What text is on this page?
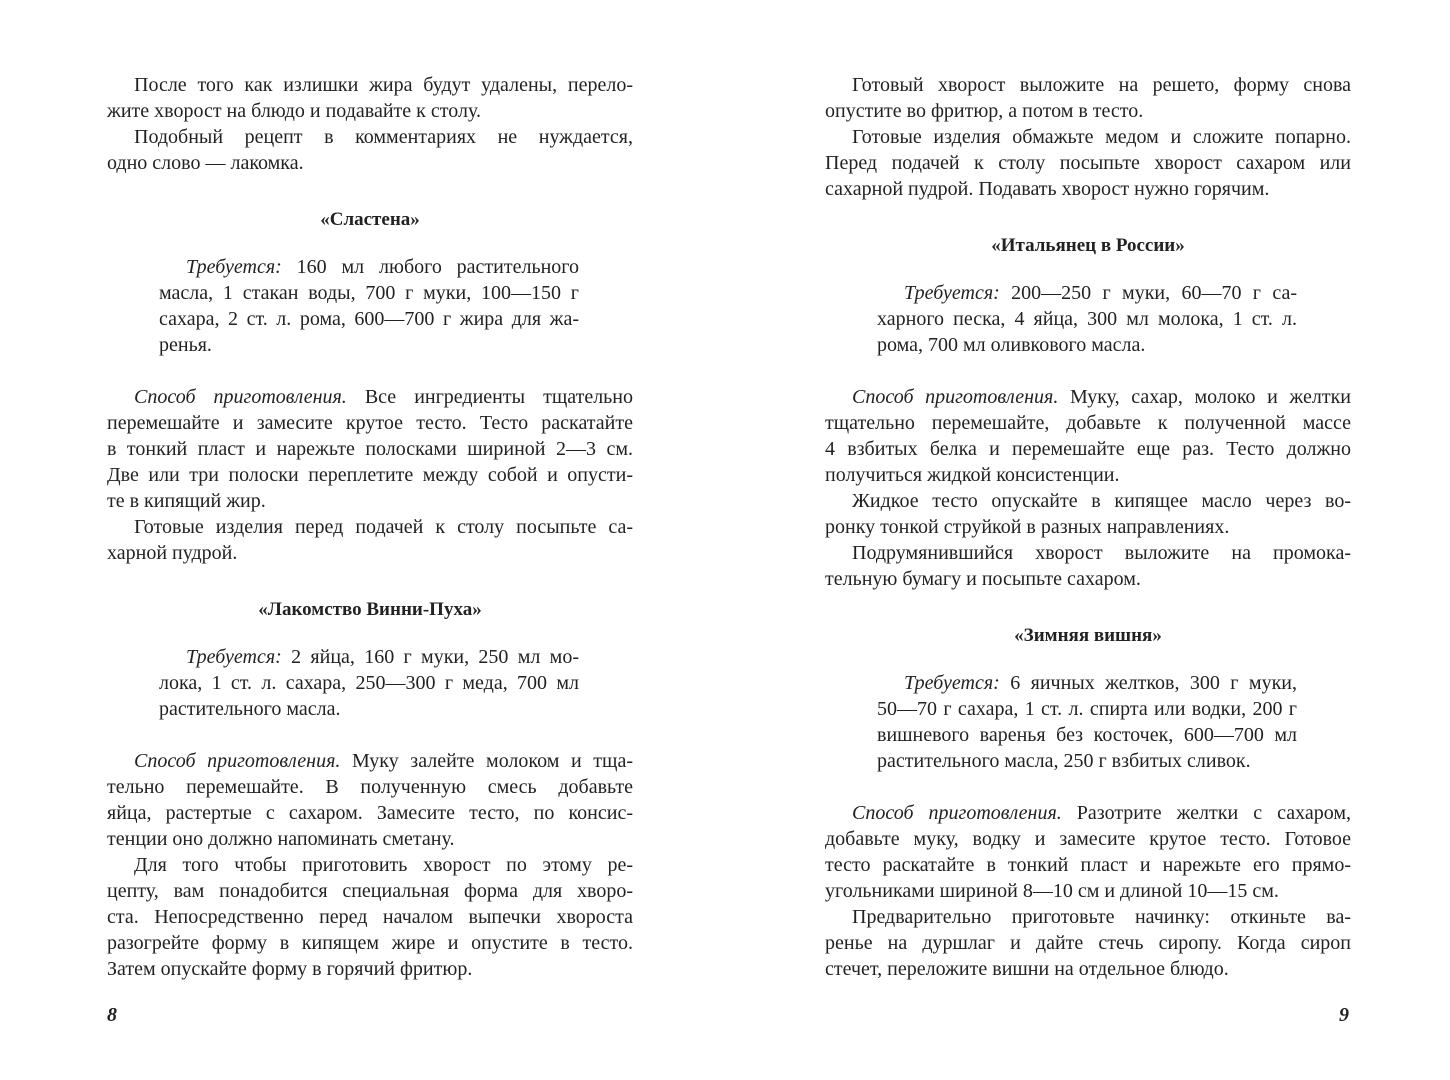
После того как излишки жира будут удалены, перело-

жите хворост на блюдо и подавайте к столу.

Подобный рецепт в комментариях не нуждается,

одно слово — лакомка.

«Сластена»

Требуется: 160 мл любого растительного

масла, 1 стакан воды, 700 г муки, 100—150 г

сахара, 2 ст. л. рома, 600—700 г жира для жа-

ренья.

Способ приготовления. Все ингредиенты тщательно

перемешайте и замесите крутое тесто. Тесто раскатайте

в тонкий пласт и нарежьте полосками шириной 2—3 см.

Две или три полоски переплетите между собой и опусти-

те в кипящий жир.

Готовые изделия перед подачей к столу посыпьте са-

харной пудрой.

«Лакомство Винни-Пуха»

Требуется: 2 яйца, 160 г муки, 250 мл мо-

лока, 1 ст. л. сахара, 250—300 г меда, 700 мл

растительного масла.

Способ приготовления. Муку залейте молоком и тща-

тельно перемешайте. В полученную смесь добавьте

яйца, растертые с сахаром. Замесите тесто, по консис-

тенции оно должно напоминать сметану.

Для того чтобы приготовить хворост по этому ре-

цепту, вам понадобится специальная форма для хворо-

ста. Непосредственно перед началом выпечки хвороста

разогрейте форму в кипящем жире и опустите в тесто.

Затем опускайте форму в горячий фритюр.

8

Готовый хворост выложите на решето, форму снова

опустите во фритюр, а потом в тесто.

Готовые изделия обмажьте медом и сложите попарно.

Перед подачей к столу посыпьте хворост сахаром или

сахарной пудрой. Подавать хворост нужно горячим.

«Итальянец в России»

Требуется: 200—250 г муки, 60—70 г са-

харного песка, 4 яйца, 300 мл молока, 1 ст. л.

рома, 700 мл оливкового масла.

Способ приготовления. Муку, сахар, молоко и желтки

тщательно перемешайте, добавьте к полученной массе

4 взбитых белка и перемешайте еще раз. Тесто должно

получиться жидкой консистенции.

Жидкое тесто опускайте в кипящее масло через во-

ронку тонкой струйкой в разных направлениях.

Подрумянившийся хворост выложите на промока-

тельную бумагу и посыпьте сахаром.

«Зимняя вишня»

Требуется: 6 яичных желтков, 300 г муки,

50—70 г сахара, 1 ст. л. спирта или водки, 200 г

вишневого варенья без косточек, 600—700 мл

растительного масла, 250 г взбитых сливок.

Способ приготовления. Разотрите желтки с сахаром,

добавьте муку, водку и замесите крутое тесто. Готовое

тесто раскатайте в тонкий пласт и нарежьте его прямо-

угольниками шириной 8—10 см и длиной 10—15 см.

Предварительно приготовьте начинку: откиньте ва-

ренье на дуршлаг и дайте стечь сиропу. Когда сироп

стечет, переложите вишни на отдельное блюдо.

9
